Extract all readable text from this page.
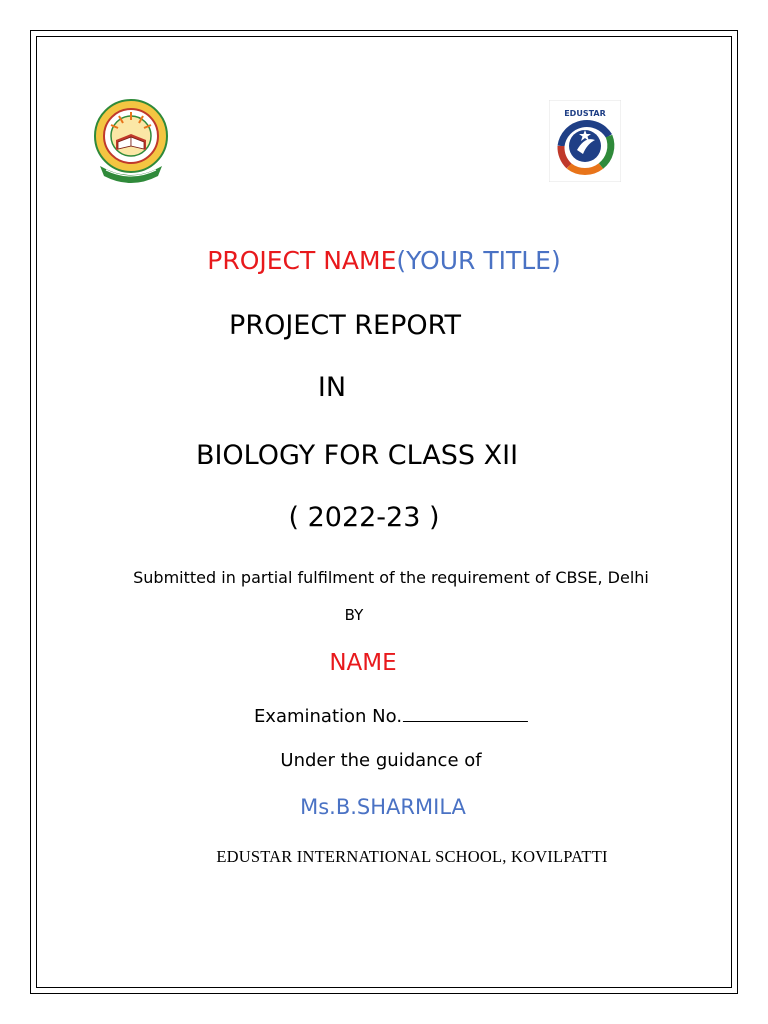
EDUSTAR
PROJECT NAME(YOUR TITLE)
PROJECT REPORT
IN
BIOLOGY FOR CLASS XII
( 2022-23 )
Submitted in partial fulfilment of the requirement of CBSE, Delhi
BY
NAME
Examination No.
Under the guidance of
Ms.B.SHARMILA
EDUSTAR INTERNATIONAL SCHOOL, KOVILPATTI
